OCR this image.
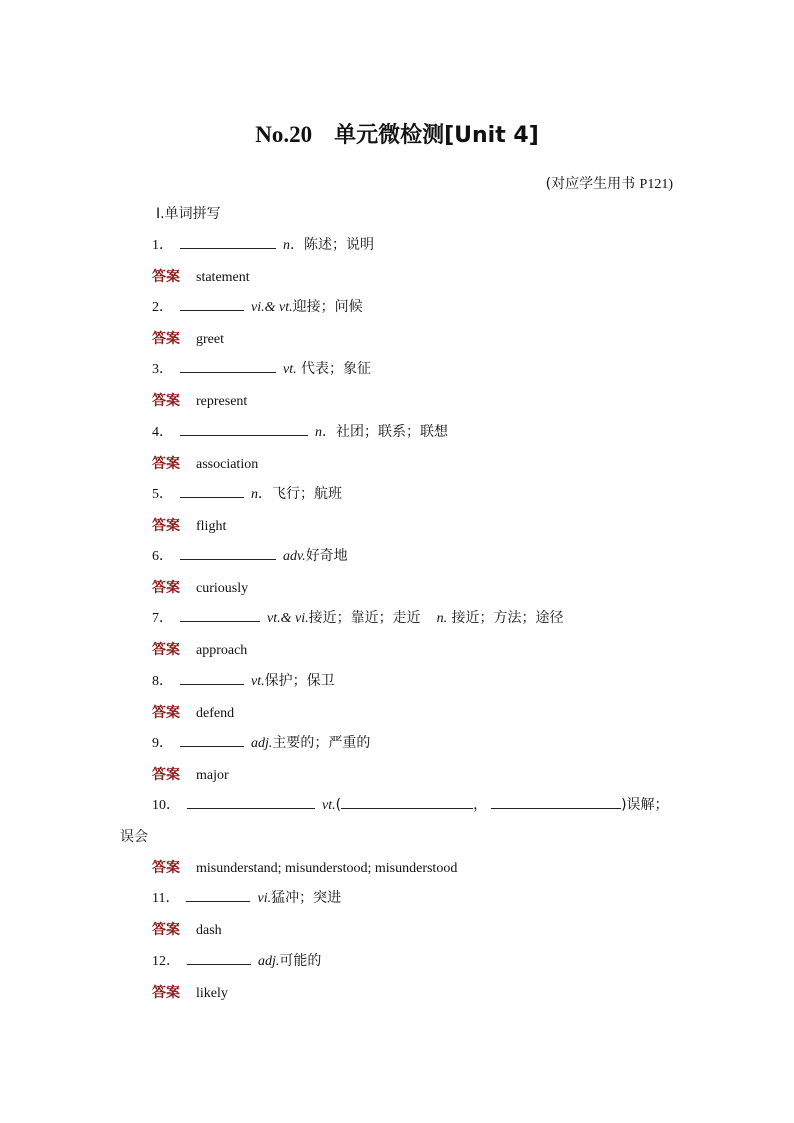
No.20 单元微检测[Unit 4]
(对应学生用书 P121)
Ⅰ.单词拼写
1．	n．陈述；说明
答案 statement
2．	vi.& vt.迎接；问候
答案 greet
3．	vt. 代表；象征
答案 represent
4．	n．社团；联系；联想
答案 association
5．	n．飞行；航班
答案 flight
6．	adv.好奇地
答案 curiously
7．	vt.& vi.接近；靠近；走近 n. 接近；方法；途径
答案 approach
8．	vt.保护；保卫
答案 defend
9．	adj.主要的；严重的
答案 major
10．	vt.(	，	)误解；
误会
答案 misunderstand; misunderstood; misunderstood
11．	vi.猛冲；突进
答案 dash
12．	adj.可能的
答案 likely
